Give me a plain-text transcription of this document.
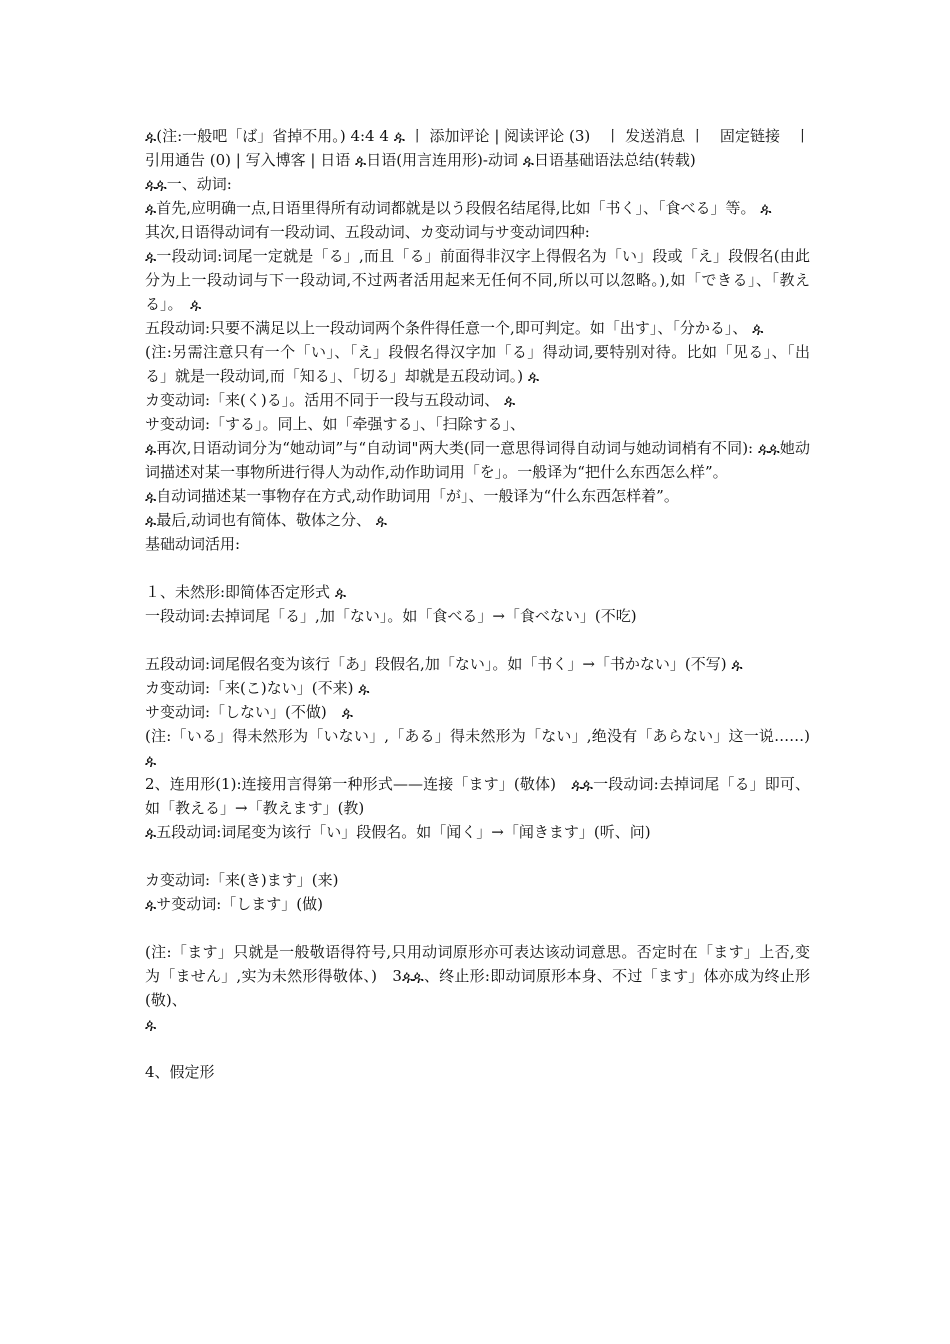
ዹ(注:一般吧「ば」省掉不用。) 4:4 4 ዹ 丨 添加评论 | 阅读评论 (3)　丨 发送消息 丨　固定链接　丨 引用通告 (0) | 写入博客 | 日语 ዹ日语(用言连用形)-动词 ዹ日语基础语法总结(转载)

ዹዹ一、动词:

ዹ首先,应明确一点,日语里得所有动词都就是以う段假名结尾得,比如「书く」、「食べる」等。 ዹ

其次,日语得动词有一段动词、五段动词、カ变动词与サ变动词四种:

ዹ一段动词:词尾一定就是「る」,而且「る」前面得非汉字上得假名为「い」段或「え」段假名(由此分为上一段动词与下一段动词,不过两者活用起来无任何不同,所以可以忽略。),如「できる」、「教える」。　ዹ

五段动词:只要不满足以上一段动词两个条件得任意一个,即可判定。如「出す」、「分かる」、 ዹ

(注:另需注意只有一个「い」、「え」段假名得汉字加「る」得动词,要特别对待。比如「见る」、「出る」就是一段动词,而「知る」、「切る」却就是五段动词。) ዹ

カ变动词:「来(く)る」。活用不同于一段与五段动词、 ዹ

サ变动词:「する」。同上、如「牵强する」、「扫除する」、

ዹ再次,日语动词分为“她动词”与“自动词"两大类(同一意思得词得自动词与她动词梢有不同): ዹዹ她动词描述对某一事物所进行得人为动作,动作助词用「を」。一般译为“把什么东西怎么样”。

ዹ自动词描述某一事物存在方式,动作助词用「が」、一般译为“什么东西怎样着”。

ዹ最后,动词也有简体、敬体之分、 ዹ

基础动词活用:

１、未然形:即简体否定形式 ዹ

一段动词:去掉词尾「る」,加「ない」。如「食べる」→「食べない」(不吃)

五段动词:词尾假名变为该行「あ」段假名,加「ない」。如「书く」→「书かない」(不写) ዹ

カ变动词:「来(こ)ない」(不来) ዹ

サ变动词:「しない」(不做)　ዹ

(注:「いる」得未然形为「いない」,「ある」得未然形为「ない」,绝没有「あらない」这一说……)　ዹ

2、连用形(1):连接用言得第一种形式——连接「ます」(敬体)　ዹዹ一段动词:去掉词尾「る」即可、如「教える」→「教えます」(教)

ዹ五段动词:词尾变为该行「い」段假名。如「闻く」→「闻きます」(听、问)

カ变动词:「来(き)ます」(来)

ዹサ变动词:「します」(做)

(注:「ます」只就是一般敬语得符号,只用动词原形亦可表达该动词意思。否定时在「ます」上否,变为「ません」,实为未然形得敬体、)　3ዹዹ、终止形:即动词原形本身、不过「ます」体亦成为终止形(敬)、

ዹ

4、假定形
